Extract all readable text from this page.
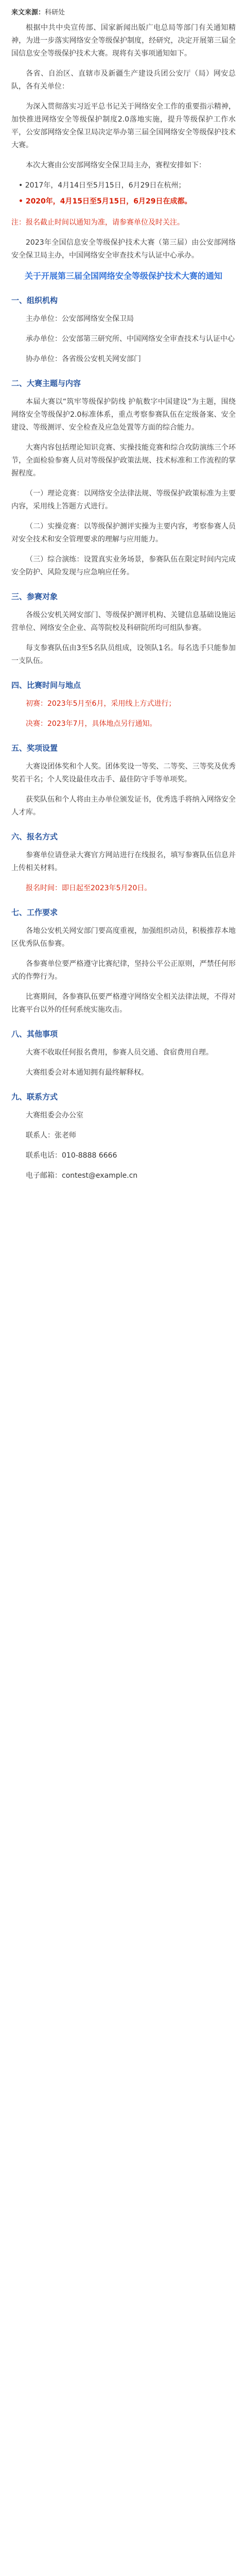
来文来源：科研处

根据中共中央宣传部、国家新闻出版广电总局等部门有关通知精神，为进一步落实网络安全等级保护制度，经研究，决定开展第三届全国信息安全等级保护技术大赛。现将有关事项通知如下。

各省、自治区、直辖市及新疆生产建设兵团公安厅（局）网安总队，各有关单位：

为深入贯彻落实习近平总书记关于网络安全工作的重要指示精神，加快推进网络安全等级保护制度2.0落地实施，提升等级保护工作水平，公安部网络安全保卫局决定举办第三届全国网络安全等级保护技术大赛。

本次大赛由公安部网络安全保卫局主办，赛程安排如下：

• 2017年，4月14日至5月15日，6月29日在杭州；
• 2020年，4月15日至5月15日，6月29日在成都。

注：报名截止时间以通知为准，请参赛单位及时关注。

2023年全国信息安全等级保护技术大赛（第三届）由公安部网络安全保卫局主办，中国网络安全审查技术与认证中心承办。

关于开展第三届全国网络安全等级保护技术大赛的通知
一、组织机构

主办单位：公安部网络安全保卫局

承办单位：公安部第三研究所、中国网络安全审查技术与认证中心

协办单位：各省级公安机关网安部门

二、大赛主题与内容

本届大赛以“筑牢等级保护防线 护航数字中国建设”为主题，围绕网络安全等级保护2.0标准体系，重点考察参赛队伍在定级备案、安全建设、等级测评、安全检查及应急处置等方面的综合能力。

大赛内容包括理论知识竞赛、实操技能竞赛和综合攻防演练三个环节，全面检验参赛人员对等级保护政策法规、技术标准和工作流程的掌握程度。

（一）理论竞赛：以网络安全法律法规、等级保护政策标准为主要内容，采用线上答题方式进行。

（二）实操竞赛：以等级保护测评实操为主要内容，考察参赛人员对安全技术和安全管理要求的理解与应用能力。

（三）综合演练：设置真实业务场景，参赛队伍在限定时间内完成安全防护、风险发现与应急响应任务。

三、参赛对象

各级公安机关网安部门、等级保护测评机构、关键信息基础设施运营单位、网络安全企业、高等院校及科研院所均可组队参赛。

每支参赛队伍由3至5名队员组成，设领队1名。每名选手只能参加一支队伍。

四、比赛时间与地点

初赛：2023年5月至6月，采用线上方式进行；

决赛：2023年7月，具体地点另行通知。

五、奖项设置

大赛设团体奖和个人奖。团体奖设一等奖、二等奖、三等奖及优秀奖若干名；个人奖设最佳攻击手、最佳防守手等单项奖。

获奖队伍和个人将由主办单位颁发证书，优秀选手将纳入网络安全人才库。

六、报名方式

参赛单位请登录大赛官方网站进行在线报名，填写参赛队伍信息并上传相关材料。

报名时间：即日起至2023年5月20日。

七、工作要求

各地公安机关网安部门要高度重视，加强组织动员，积极推荐本地区优秀队伍参赛。

各参赛单位要严格遵守比赛纪律，坚持公平公正原则，严禁任何形式的作弊行为。

比赛期间，各参赛队伍要严格遵守网络安全相关法律法规，不得对比赛平台以外的任何系统实施攻击。

八、其他事项

大赛不收取任何报名费用，参赛人员交通、食宿费用自理。

大赛组委会对本通知拥有最终解释权。

九、联系方式

大赛组委会办公室

联系人：张老师

联系电话：010-8888 6666

电子邮箱：contest@example.cn
